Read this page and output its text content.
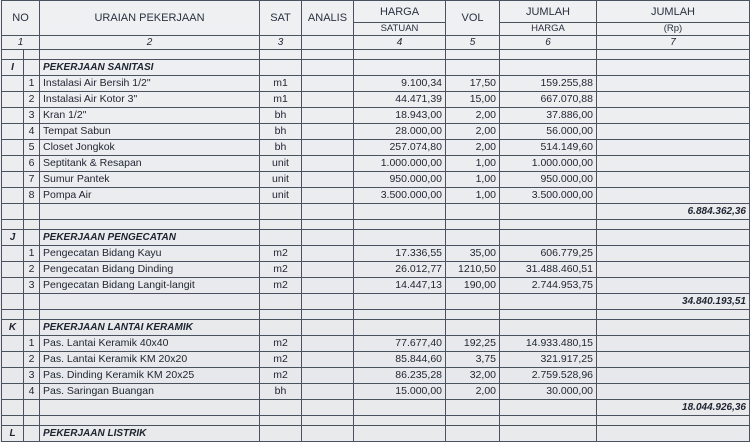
NO		URAIAN PEKERJAAN	SAT	ANALIS	HARGA	VOL	JUMLAH	JUMLAH
					SATUAN		HARGA	(Rp)
1		2	3		4	5	6	7

I		PEKERJAAN SANITASI						
	1	Instalasi Air Bersih 1/2"	m1		9.100,34	17,50	159.255,88	
	2	Instalasi Air Kotor 3"	m1		44.471,39	15,00	667.070,88	
	3	Kran 1/2"	bh		18.943,00	2,00	37.886,00	
	4	Tempat Sabun	bh		28.000,00	2,00	56.000,00	
	5	Closet Jongkok	bh		257.074,80	2,00	514.149,60	
	6	Septitank & Resapan	unit		1.000.000,00	1,00	1.000.000,00	
	7	Sumur Pantek	unit		950.000,00	1,00	950.000,00	
	8	Pompa Air	unit		3.500.000,00	1,00	3.500.000,00	
								6.884.362,36

J		PEKERJAAN PENGECATAN						
	1	Pengecatan Bidang Kayu	m2		17.336,55	35,00	606.779,25	
	2	Pengecatan Bidang Dinding	m2		26.012,77	1210,50	31.488.460,51	
	3	Pengecatan Bidang Langit-langit	m2		14.447,13	190,00	2.744.953,75	
								34.840.193,51

K		PEKERJAAN LANTAI KERAMIK						
	1	Pas. Lantai Keramik 40x40	m2		77.677,40	192,25	14.933.480,15	
	2	Pas. Lantai Keramik KM 20x20	m2		85.844,60	3,75	321.917,25	
	3	Pas. Dinding Keramik KM 20x25	m2		86.235,28	32,00	2.759.528,96	
	4	Pas. Saringan Buangan	bh		15.000,00	2,00	30.000,00	
								18.044.926,36

L		PEKERJAAN LISTRIK						
